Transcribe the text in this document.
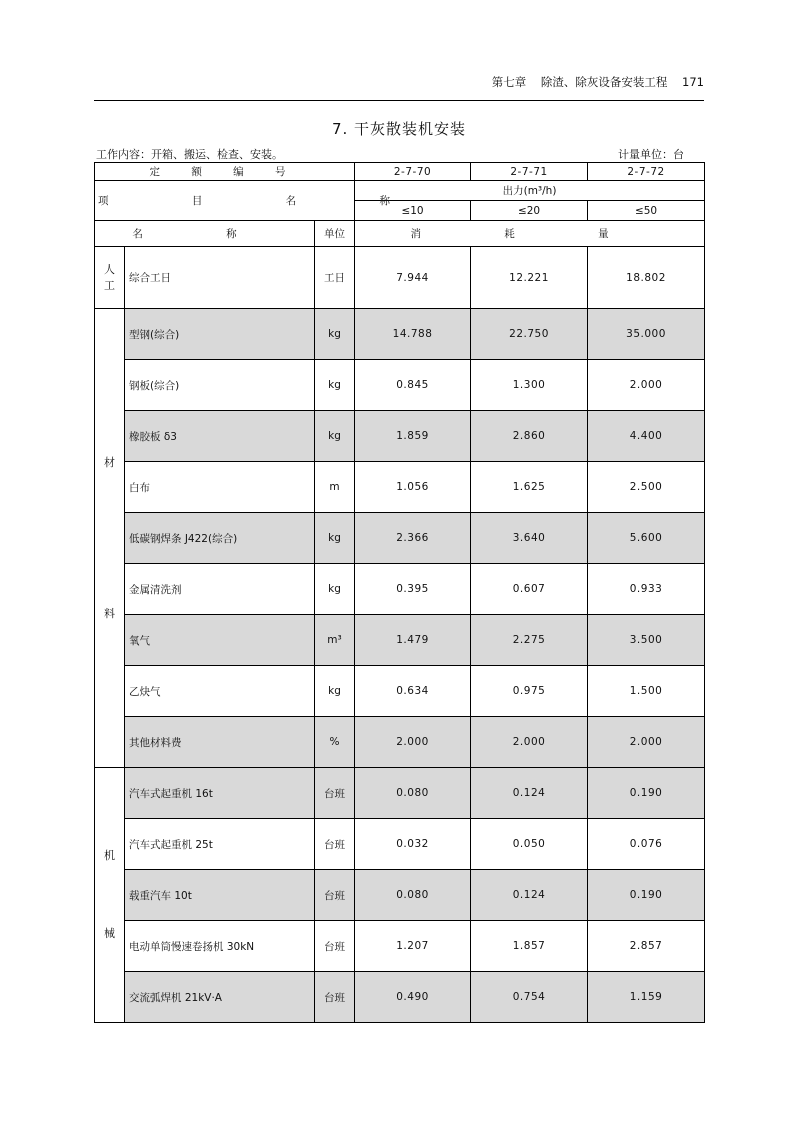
第七章 除渣、除灰设备安装工程 171
7. 干灰散装机安装
工作内容：开箱、搬运、检查、安装。	计量单位：台
定 额 编 号			2-7-70	2-7-71	2-7-72
项 目 名 称			出力(m³/h)		
			≤10	≤20	≤50
名 称		单位	消 耗 量		

人
工	综合工日	工日	7.944	12.221	18.802

材
料	型钢(综合)	kg	14.788	22.750	35.000
	钢板(综合)	kg	0.845	1.300	2.000
	橡胶板 δ3	kg	1.859	2.860	4.400
	白布	m	1.056	1.625	2.500
	低碳钢焊条 J422(综合)	kg	2.366	3.640	5.600
	金属清洗剂	kg	0.395	0.607	0.933
	氧气	m³	1.479	2.275	3.500
	乙炔气	kg	0.634	0.975	1.500
	其他材料费	%	2.000	2.000	2.000

机
械	汽车式起重机 16t	台班	0.080	0.124	0.190
	汽车式起重机 25t	台班	0.032	0.050	0.076
	载重汽车 10t	台班	0.080	0.124	0.190
	电动单筒慢速卷扬机 30kN	台班	1.207	1.857	2.857
	交流弧焊机 21kV·A	台班	0.490	0.754	1.159
